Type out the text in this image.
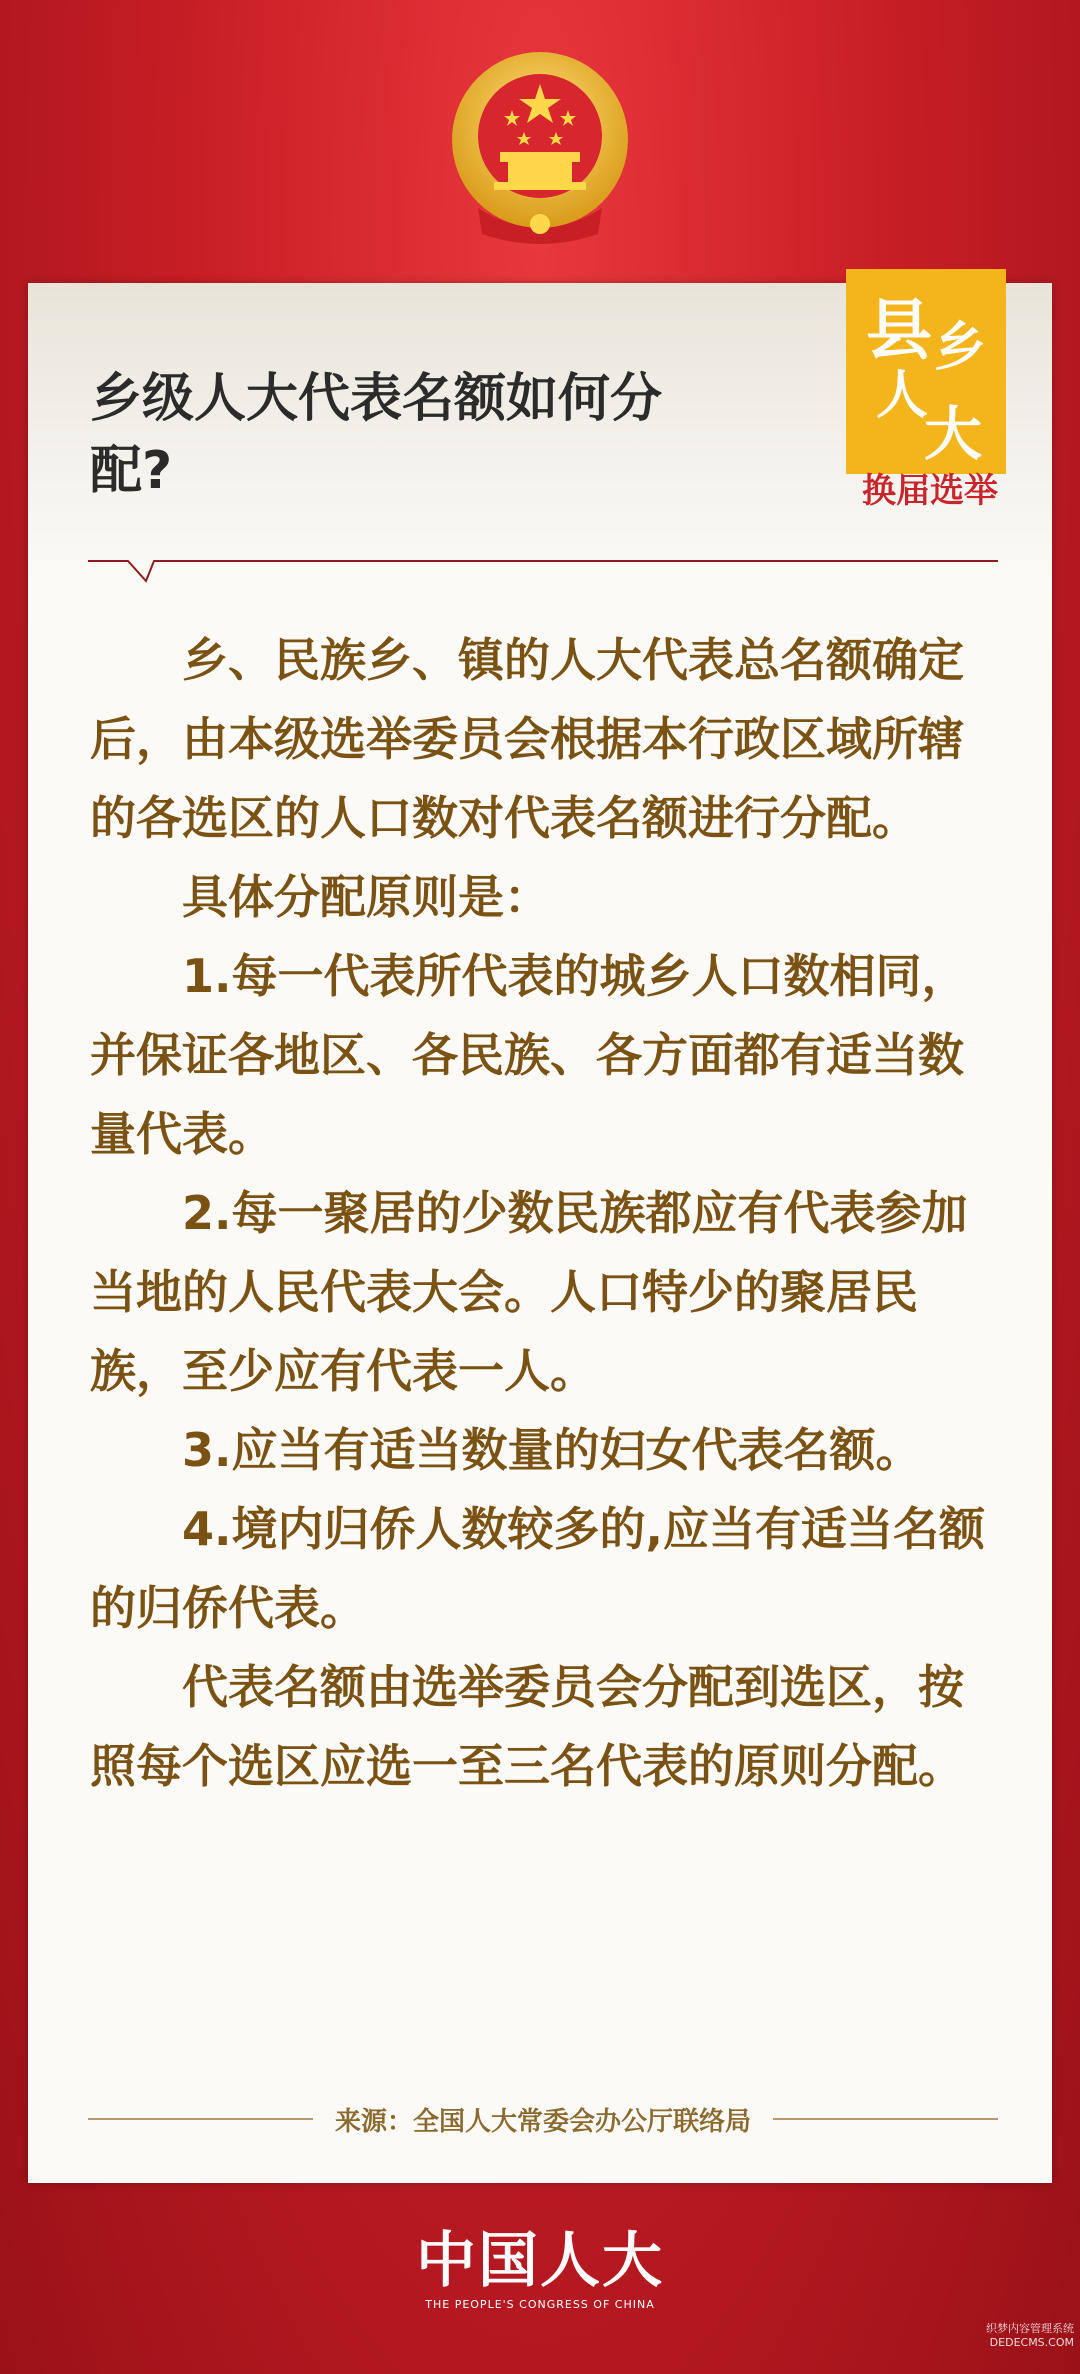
乡级人大代表名额如何分配?
县 乡
人
大
换届选举

乡、民族乡、镇的人大代表总名额确定后，由本级选举委员会根据本行政区域所辖的各选区的人口数对代表名额进行分配。

具体分配原则是：

1.每一代表所代表的城乡人口数相同，并保证各地区、各民族、各方面都有适当数量代表。

2.每一聚居的少数民族都应有代表参加当地的人民代表大会。人口特少的聚居民族，至少应有代表一人。

3.应当有适当数量的妇女代表名额。

4.境内归侨人数较多的,应当有适当名额的归侨代表。

代表名额由选举委员会分配到选区，按照每个选区应选一至三名代表的原则分配。

来源：全国人大常委会办公厅联络局
中国人大
THE PEOPLE'S CONGRESS OF CHINA
织梦内容管理系统
DEDECMS.COM
